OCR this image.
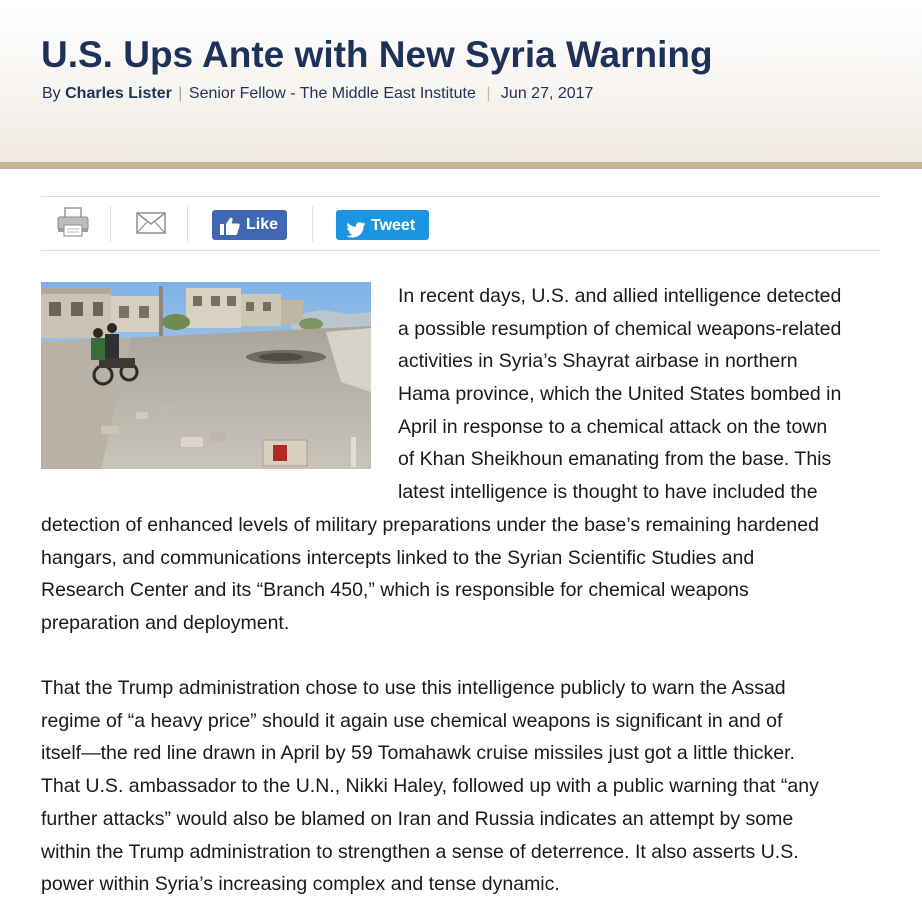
U.S. Ups Ante with New Syria Warning
By Charles Lister | Senior Fellow - The Middle East Institute | Jun 27, 2017
Like	Tweet

In recent days, U.S. and allied intelligence detected

a possible resumption of chemical weapons-related

activities in Syria’s Shayrat airbase in northern

Hama province, which the United States bombed in

April in response to a chemical attack on the town

of Khan Sheikhoun emanating from the base. This

latest intelligence is thought to have included the

detection of enhanced levels of military preparations under the base’s remaining hardened

hangars, and communications intercepts linked to the Syrian Scientific Studies and

Research Center and its “Branch 450,” which is responsible for chemical weapons

preparation and deployment.

That the Trump administration chose to use this intelligence publicly to warn the Assad
regime of “a heavy price” should it again use chemical weapons is significant in and of
itself—the red line drawn in April by 59 Tomahawk cruise missiles just got a little thicker.
That U.S. ambassador to the U.N., Nikki Haley, followed up with a public warning that “any
further attacks” would also be blamed on Iran and Russia indicates an attempt by some
within the Trump administration to strengthen a sense of deterrence. It also asserts U.S.
power within Syria’s increasing complex and tense dynamic.
